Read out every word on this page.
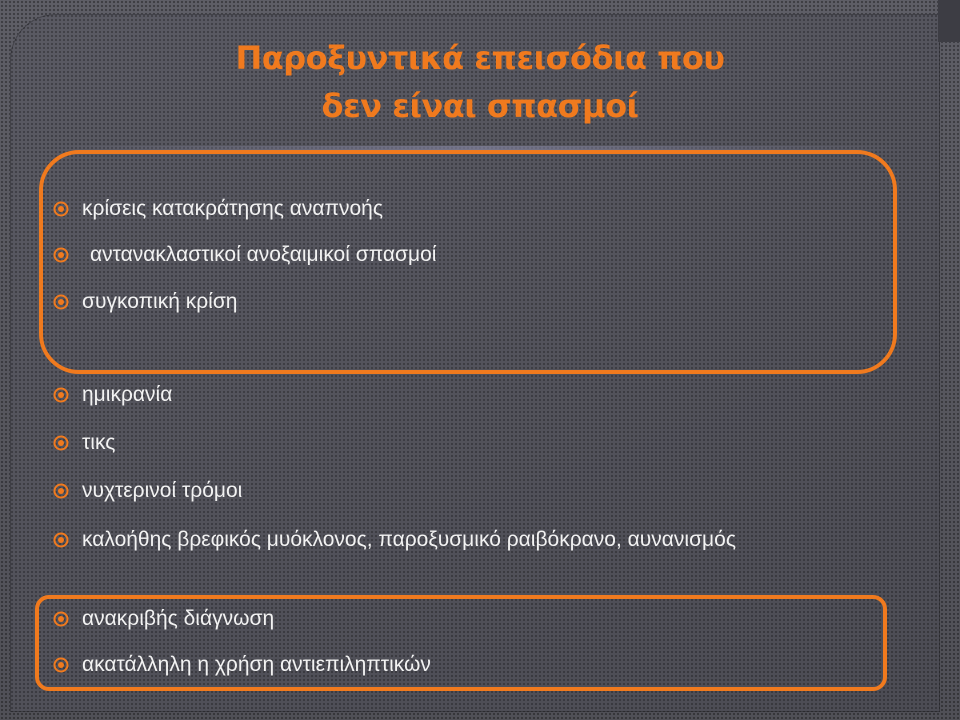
Παροξυντικά επεισόδια που
δεν είναι σπασμοί
κρίσεις κατακράτησης αναπνοής
αντανακλαστικοί ανοξαιμικοί σπασμοί
συγκοπική κρίση
ημικρανία
τικς
νυχτερινοί τρόμοι
καλοήθης βρεφικός μυόκλονος, παροξυσμικό ραιβόκρανο, αυνανισμός
ανακριβής διάγνωση
ακατάλληλη η χρήση αντιεπιληπτικών
